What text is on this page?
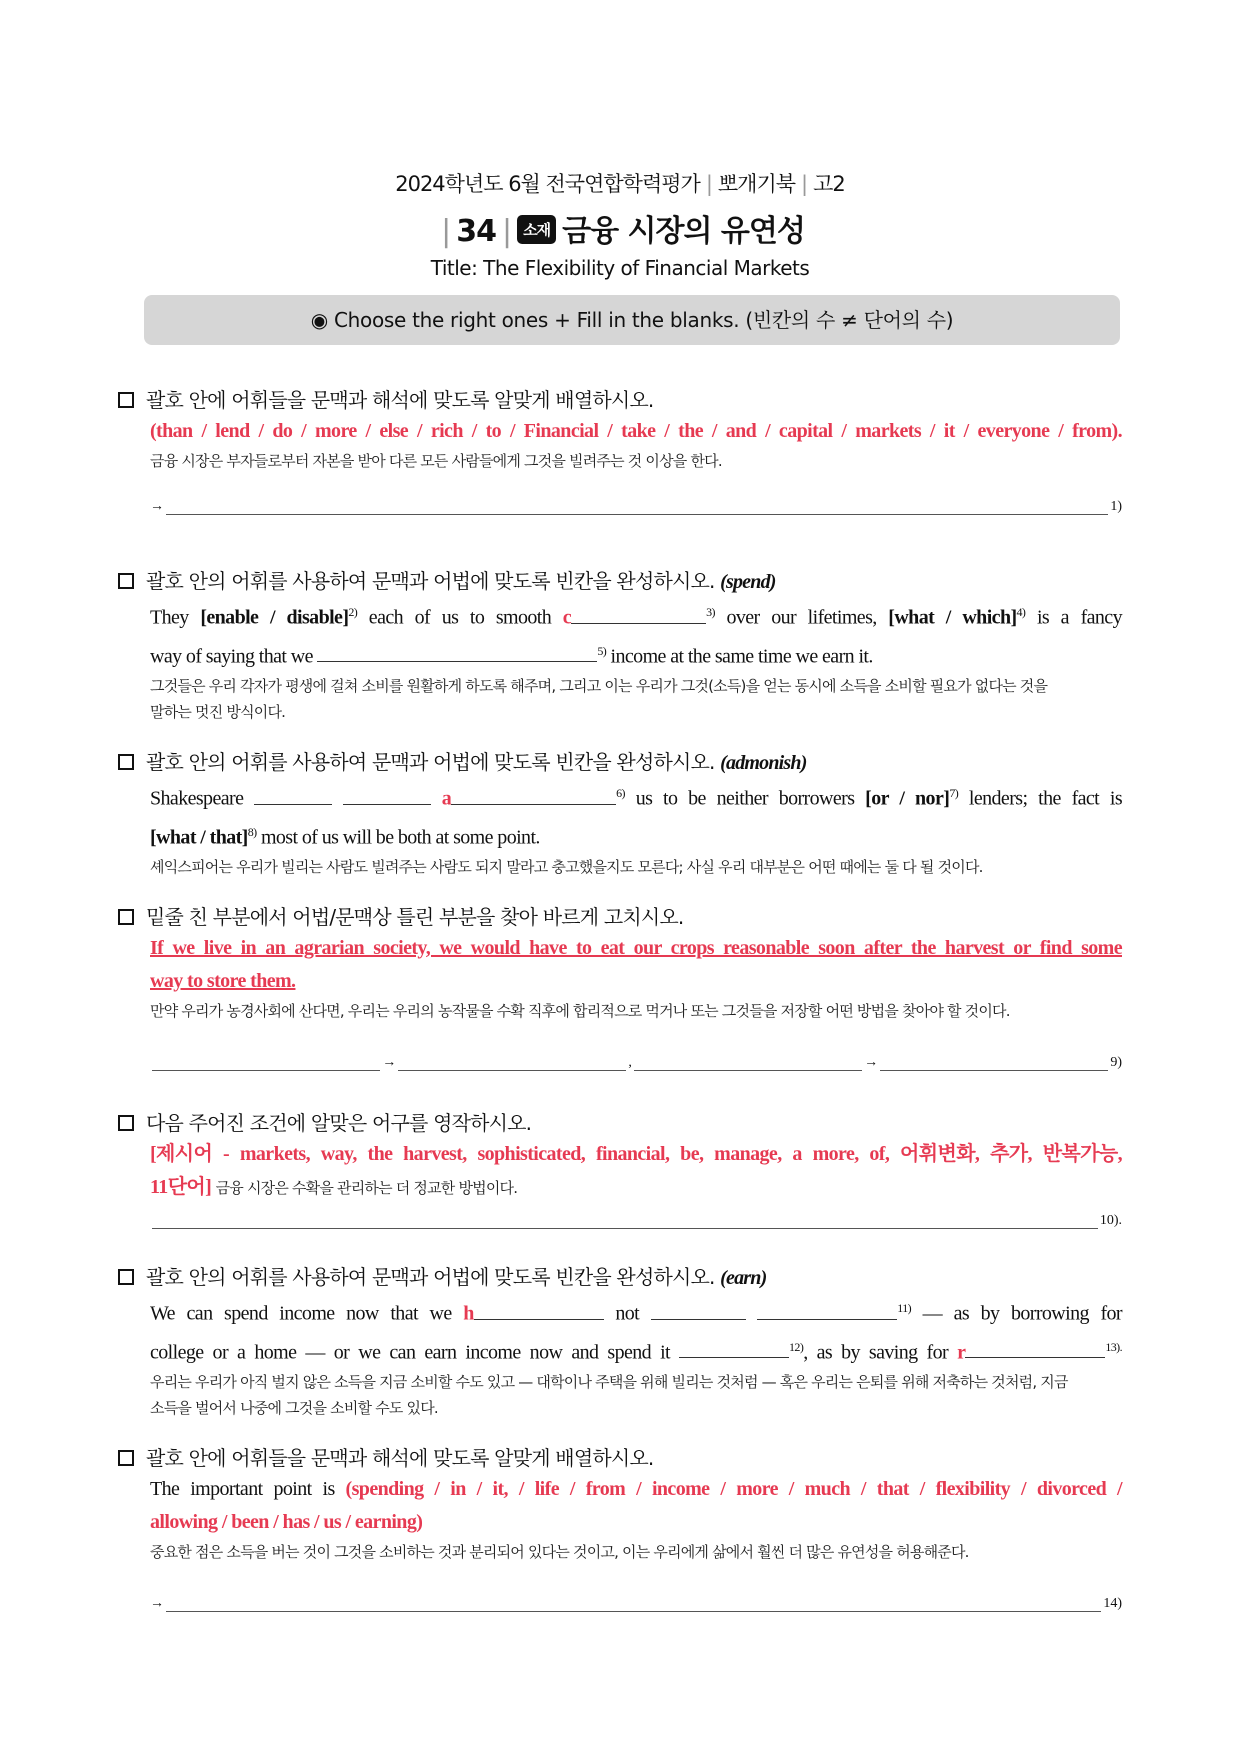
2024학년도 6월 전국연합학력평가 | 뽀개기북 | 고2
| 34 | 소재 금융 시장의 유연성
Title: The Flexibility of Financial Markets
◉ Choose the right ones + Fill in the blanks. (빈칸의 수 ≠ 단어의 수)
괄호 안에 어휘들을 문맥과 해석에 맞도록 알맞게 배열하시오.
(than / lend / do / more / else / rich / to / Financial / take / the / and / capital / markets / it / everyone / from).
금융 시장은 부자들로부터 자본을 받아 다른 모든 사람들에게 그것을 빌려주는 것 이상을 한다.
→	1)
괄호 안의 어휘를 사용하여 문맥과 어법에 맞도록 빈칸을 완성하시오. (spend)
They [enable / disable]$^{2)}$ each of us to smooth c	$^{3)}$ over our lifetimes, [what / which]$^{4)}$ is a fancy
way of saying that we	$^{5)}$ income at the same time we earn it.
그것들은 우리 각자가 평생에 걸쳐 소비를 원활하게 하도록 해주며, 그리고 이는 우리가 그것(소득)을 얻는 동시에 소득을 소비할 필요가 없다는 것을
말하는 멋진 방식이다.
괄호 안의 어휘를 사용하여 문맥과 어법에 맞도록 빈칸을 완성하시오. (admonish)
Shakespeare	a	$^{6)}$ us to be neither borrowers [or / nor]$^{7)}$ lenders; the fact is
[what / that]$^{8)}$ most of us will be both at some point.
셰익스피어는 우리가 빌리는 사람도 빌려주는 사람도 되지 말라고 충고했을지도 모른다; 사실 우리 대부분은 어떤 때에는 둘 다 될 것이다.
밑줄 친 부분에서 어법/문맥상 틀린 부분을 찾아 바르게 고치시오.
If we live in an agrarian society, we would have to eat our crops reasonable soon after the harvest or find some
way to store them.
만약 우리가 농경사회에 산다면, 우리는 우리의 농작물을 수확 직후에 합리적으로 먹거나 또는 그것들을 저장할 어떤 방법을 찾아야 할 것이다.
→	,	→	9)
다음 주어진 조건에 알맞은 어구를 영작하시오.
[제시어 - markets, way, the harvest, sophisticated, financial, be, manage, a more, of, 어휘변화, 추가, 반복가능,
11단어] 금융 시장은 수확을 관리하는 더 정교한 방법이다.
10).
괄호 안의 어휘를 사용하여 문맥과 어법에 맞도록 빈칸을 완성하시오. (earn)
We can spend income now that we h	not	$^{11)}$ — as by borrowing for
college or a home — or we can earn income now and spend it	$^{12)}$, as by saving for r	$^{13).}$
우리는 우리가 아직 벌지 않은 소득을 지금 소비할 수도 있고 — 대학이나 주택을 위해 빌리는 것처럼 — 혹은 우리는 은퇴를 위해 저축하는 것처럼, 지금
소득을 벌어서 나중에 그것을 소비할 수도 있다.
괄호 안에 어휘들을 문맥과 해석에 맞도록 알맞게 배열하시오.
The important point is (spending / in / it, / life / from / income / more / much / that / flexibility / divorced /
allowing / been / has / us / earning)
중요한 점은 소득을 버는 것이 그것을 소비하는 것과 분리되어 있다는 것이고, 이는 우리에게 삶에서 훨씬 더 많은 유연성을 허용해준다.
→	14)
